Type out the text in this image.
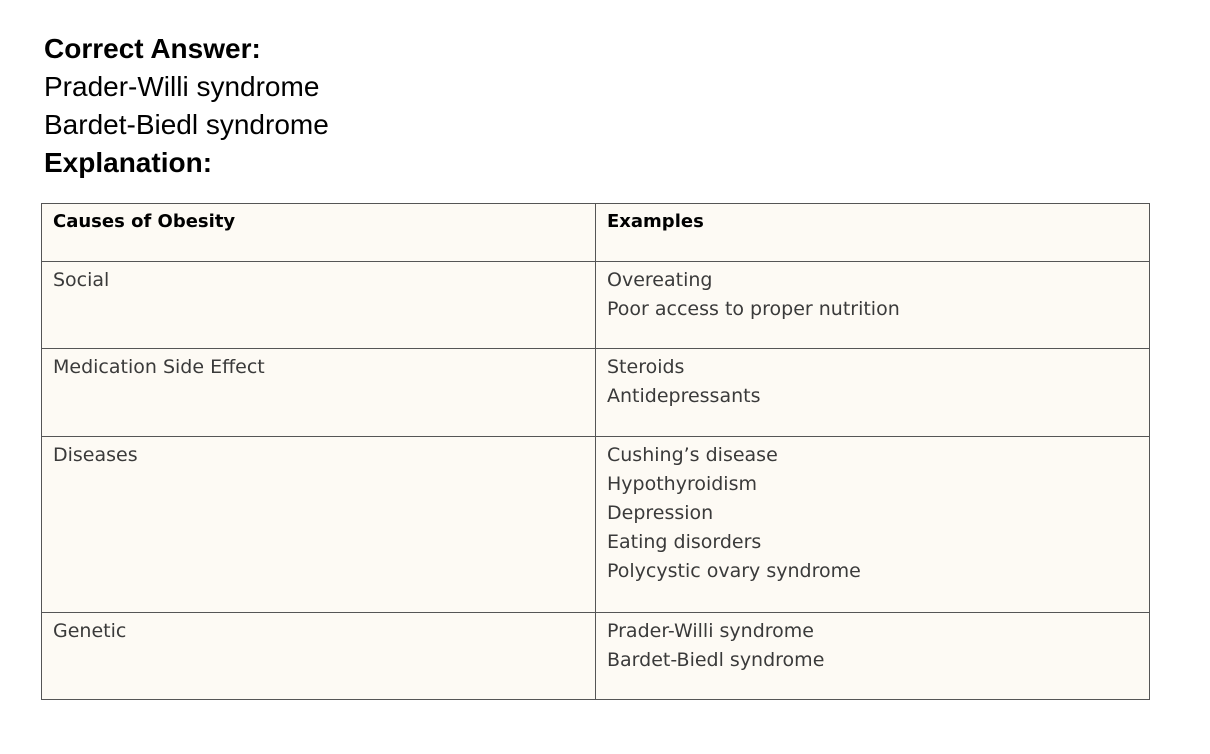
Correct Answer:
Prader-Willi syndrome
Bardet-Biedl syndrome
Explanation:
Causes of Obesity	Examples
Social	Overeating
Poor access to proper nutrition

Medication Side Effect	Steroids
Antidepressants

Diseases	Cushing’s disease
Hypothyroidism
Depression
Eating disorders
Polycystic ovary syndrome

Genetic	Prader-Willi syndrome
Bardet-Biedl syndrome
